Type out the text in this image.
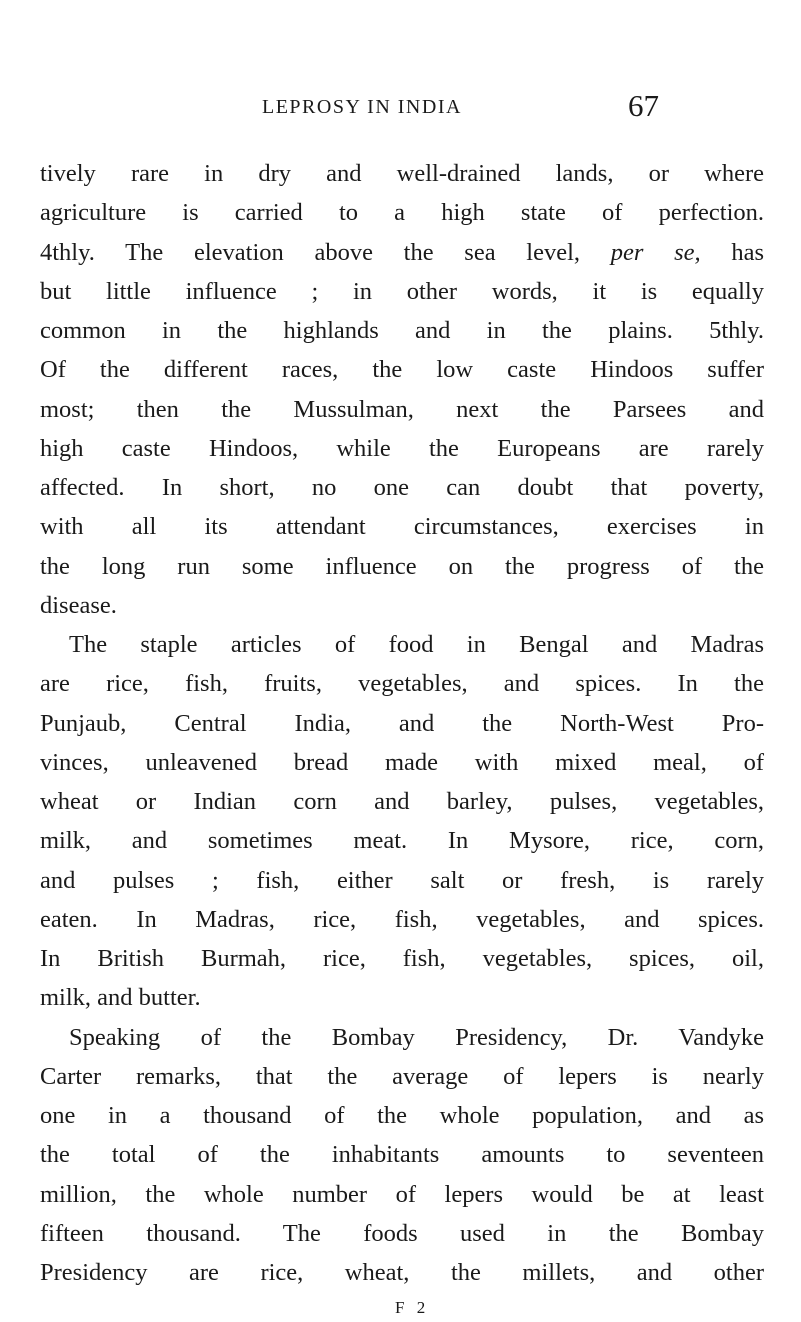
LEPROSY IN INDIA	67
tively rare in dry and well-drained lands, or where
agriculture is carried to a high state of perfection.
4thly. The elevation above the sea level, per se, has
but little influence ; in other words, it is equally
common in the highlands and in the plains. 5thly.
Of the different races, the low caste Hindoos suffer
most; then the Mussulman, next the Parsees and
high caste Hindoos, while the Europeans are rarely
affected. In short, no one can doubt that poverty,
with all its attendant circumstances, exercises in
the long run some influence on the progress of the
disease.
The staple articles of food in Bengal and Madras
are rice, fish, fruits, vegetables, and spices. In the
Punjaub, Central India, and the North-West Pro-
vinces, unleavened bread made with mixed meal, of
wheat or Indian corn and barley, pulses, vegetables,
milk, and sometimes meat. In Mysore, rice, corn,
and pulses ; fish, either salt or fresh, is rarely
eaten. In Madras, rice, fish, vegetables, and spices.
In British Burmah, rice, fish, vegetables, spices, oil,
milk, and butter.
Speaking of the Bombay Presidency, Dr. Vandyke
Carter remarks, that the average of lepers is nearly
one in a thousand of the whole population, and as
the total of the inhabitants amounts to seventeen
million, the whole number of lepers would be at least
fifteen thousand. The foods used in the Bombay
Presidency are rice, wheat, the millets, and other
F 2
